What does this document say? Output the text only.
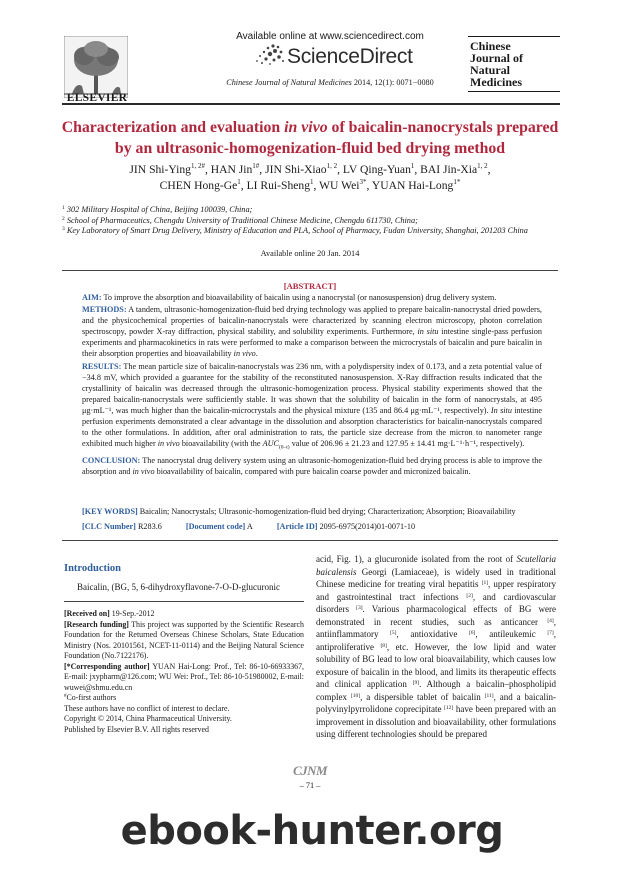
ELSEVIER
Available online at www.sciencedirect.com
ScienceDirect
Chinese Journal of Natural Medicines 2014, 12(1): 0071−0080
Chinese
Journal of
Natural
Medicines
Characterization and evaluation in vivo of baicalin-nanocrystals prepared by an ultrasonic-homogenization-fluid bed drying method
JIN Shi-Ying$^{1, 2\#}$, HAN Jin$^{1\#}$, JIN Shi-Xiao$^{1, 2}$, LV Qing-Yuan$^1$, BAI Jin-Xia$^{1, 2}$,
CHEN Hong-Ge$^1$, LI Rui-Sheng$^1$, WU Wei$^{3*}$, YUAN Hai-Long$^{1*}$
$^1$ 302 Military Hospital of China, Beijing 100039, China;
$^2$ School of Pharmaceutics, Chengdu University of Traditional Chinese Medicine, Chengdu 611730, China;
$^3$ Key Laboratory of Smart Drug Delivery, Ministry of Education and PLA, School of Pharmacy, Fudan University, Shanghai, 201203 China
Available online 20 Jan. 2014
[ABSTRACT]

AIM: To improve the absorption and bioavailability of baicalin using a nanocrystal (or nanosuspension) drug delivery system.

METHODS: A tandem, ultrasonic-homogenization-fluid bed drying technology was applied to prepare baicalin-nanocrystal dried powders, and the physicochemical properties of baicalin-nanocrystals were characterized by scanning electron microscopy, photon correlation spectroscopy, powder X-ray diffraction, physical stability, and solubility experiments. Furthermore, in situ intestine single-pass perfusion experiments and pharmacokinetics in rats were performed to make a comparison between the microcrystals of baicalin and pure baicalin in their absorption properties and bioavailability in vivo.

RESULTS: The mean particle size of baicalin-nanocrystals was 236 nm, with a polydispersity index of 0.173, and a zeta potential value of −34.8 mV, which provided a guarantee for the stability of the reconstituted nanosuspension. X-Ray diffraction results indicated that the crystallinity of baicalin was decreased through the ultrasonic-homogenization process. Physical stability experiments showed that the prepared baicalin-nanocrystals were sufficiently stable. It was shown that the solubility of baicalin in the form of nanocrystals, at 495 μg·mL⁻¹, was much higher than the baicalin-microcrystals and the physical mixture (135 and 86.4 μg·mL⁻¹, respectively). In situ intestine perfusion experiments demonstrated a clear advantage in the dissolution and absorption characteristics for baicalin-nanocrystals compared to the other formulations. In addition, after oral administration to rats, the particle size decrease from the micron to nanometer range exhibited much higher in vivo bioavailability (with the $AUC_{(0-t)}$ value of 206.96 ± 21.23 and 127.95 ± 14.41 mg·L⁻¹·h⁻¹, respectively).

CONCLUSION: The nanocrystal drug delivery system using an ultrasonic-homogenization-fluid bed drying process is able to improve the absorption and in vivo bioavailability of baicalin, compared with pure baicalin coarse powder and micronized baicalin.

[KEY WORDS] Baicalin; Nanocrystals; Ultrasonic-homogenization-fluid bed drying; Characterization; Absorption; Bioavailability
[CLC Number] R283.6	[Document code] A	[Article ID] 2095-6975(2014)01-0071-10
Introduction
Baicalin, (BG, 5, 6-dihydroxyflavone-7-O-D-glucuronic

[Received on] 19-Sep.-2012

[Research funding] This project was supported by the Scientific Research Foundation for the Returned Overseas Chinese Scholars, State Education Ministry (Nos. 20101561, NCET-11-0114) and the Beijing Natural Science Foundation (No.7122176).

[*Corresponding author] YUAN Hai-Long: Prof., Tel: 86-10-66933367, E-mail: jxypharm@126.com; WU Wei: Prof., Tel: 86-10-51980002, E-mail: wuwei@shmu.edu.cn

#Co-first authors

These authors have no conflict of interest to declare.

Copyright © 2014, China Pharmaceutical University.

Published by Elsevier B.V. All rights reserved

acid, Fig. 1), a glucuronide isolated from the root of Scutellaria baicalensis Georgi (Lamiaceae), is widely used in traditional Chinese medicine for treating viral hepatitis [1], upper respiratory and gastrointestinal tract infections [2], and cardiovascular disorders [3]. Various pharmacological effects of BG were demonstrated in recent studies, such as anticancer [4], antiinflammatory [5], antioxidative [6], antileukemic [7], antiproliferative [8], etc. However, the low lipid and water solubility of BG lead to low oral bioavailability, which causes low exposure of baicalin in the blood, and limits its therapeutic effects and clinical application [9]. Although a baicalin–phospholipid complex [10], a dispersible tablet of baicalin [11], and a baicalin-polyvinylpyrrolidone coprecipitate [12] have been prepared with an improvement in dissolution and bioavailability, other formulations using different technologies should be prepared
CJNM
– 71 –
ebook-hunter.org
